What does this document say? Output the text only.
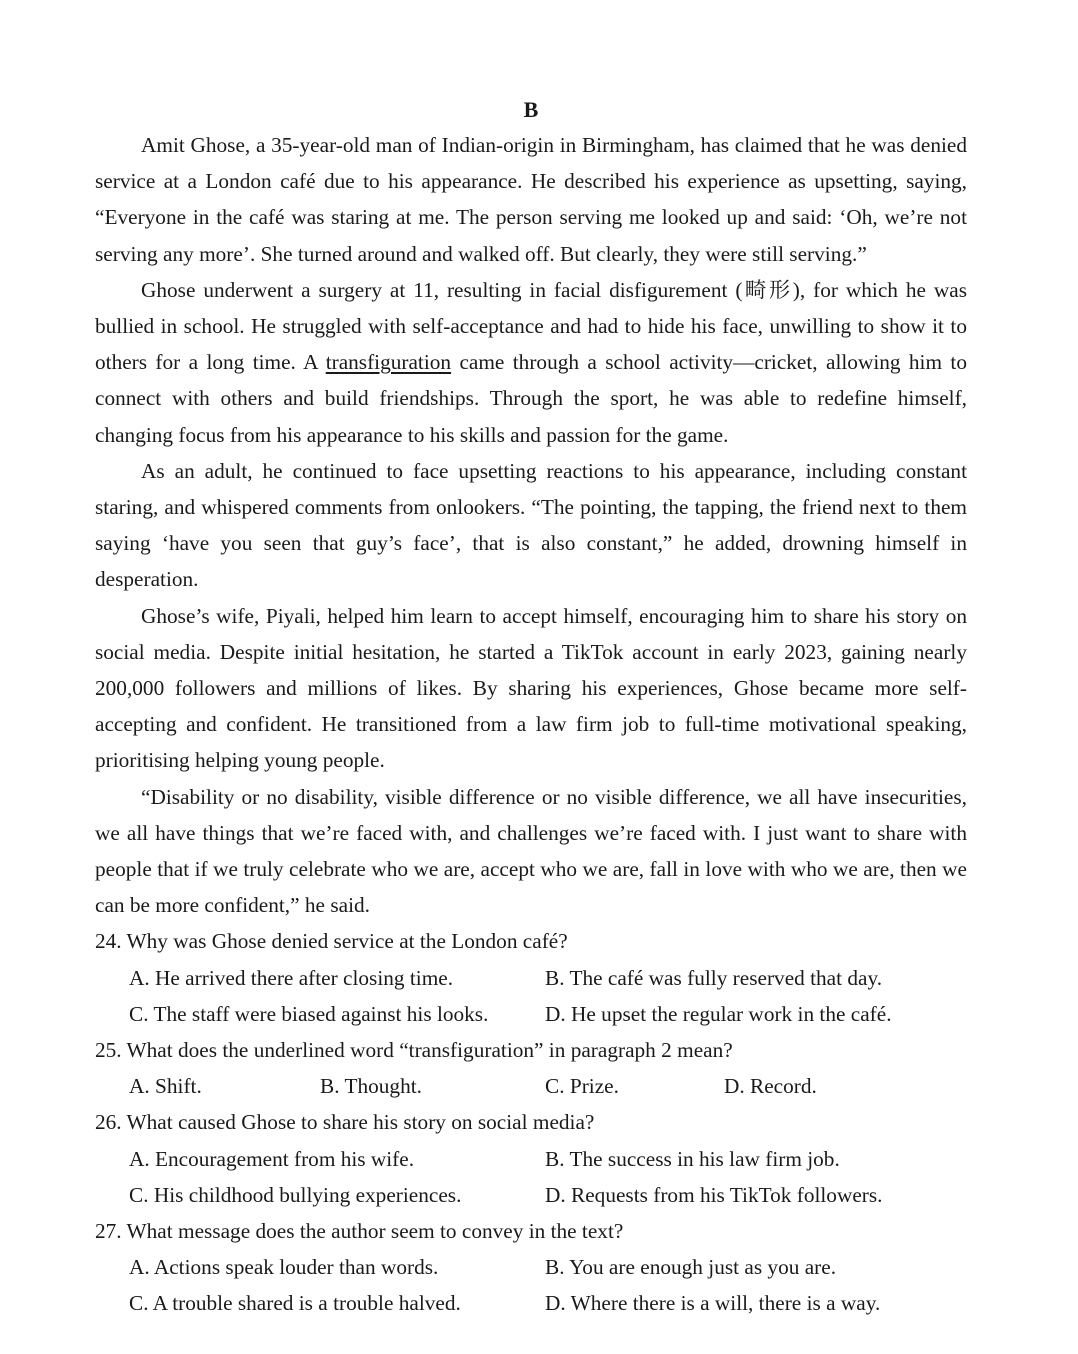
B

Amit Ghose, a 35-year-old man of Indian-origin in Birmingham, has claimed that he was denied service at a London café due to his appearance. He described his experience as upsetting, saying, “Everyone in the café was staring at me. The person serving me looked up and said: ‘Oh, we’re not serving any more’. She turned around and walked off. But clearly, they were still serving.”

Ghose underwent a surgery at 11, resulting in facial disfigurement (畸形), for which he was bullied in school. He struggled with self-acceptance and had to hide his face, unwilling to show it to others for a long time. A transfiguration came through a school activity—cricket, allowing him to connect with others and build friendships. Through the sport, he was able to redefine himself, changing focus from his appearance to his skills and passion for the game.

As an adult, he continued to face upsetting reactions to his appearance, including constant staring, and whispered comments from onlookers. “The pointing, the tapping, the friend next to them saying ‘have you seen that guy’s face’, that is also constant,” he added, drowning himself in desperation.

Ghose’s wife, Piyali, helped him learn to accept himself, encouraging him to share his story on social media. Despite initial hesitation, he started a TikTok account in early 2023, gaining nearly 200,000 followers and millions of likes. By sharing his experiences, Ghose became more self-accepting and confident. He transitioned from a law firm job to full-time motivational speaking, prioritising helping young people.

“Disability or no disability, visible difference or no visible difference, we all have insecurities, we all have things that we’re faced with, and challenges we’re faced with. I just want to share with people that if we truly celebrate who we are, accept who we are, fall in love with who we are, then we can be more confident,” he said.

24. Why was Ghose denied service at the London café?

A. He arrived there after closing time.	B. The café was fully reserved that day.
C. The staff were biased against his looks.	D. He upset the regular work in the café.

25. What does the underlined word “transfiguration” in paragraph 2 mean?

A. Shift.	B. Thought.	C. Prize.	D. Record.

26. What caused Ghose to share his story on social media?

A. Encouragement from his wife.	B. The success in his law firm job.
C. His childhood bullying experiences.	D. Requests from his TikTok followers.

27. What message does the author seem to convey in the text?

A. Actions speak louder than words.	B. You are enough just as you are.
C. A trouble shared is a trouble halved.	D. Where there is a will, there is a way.
